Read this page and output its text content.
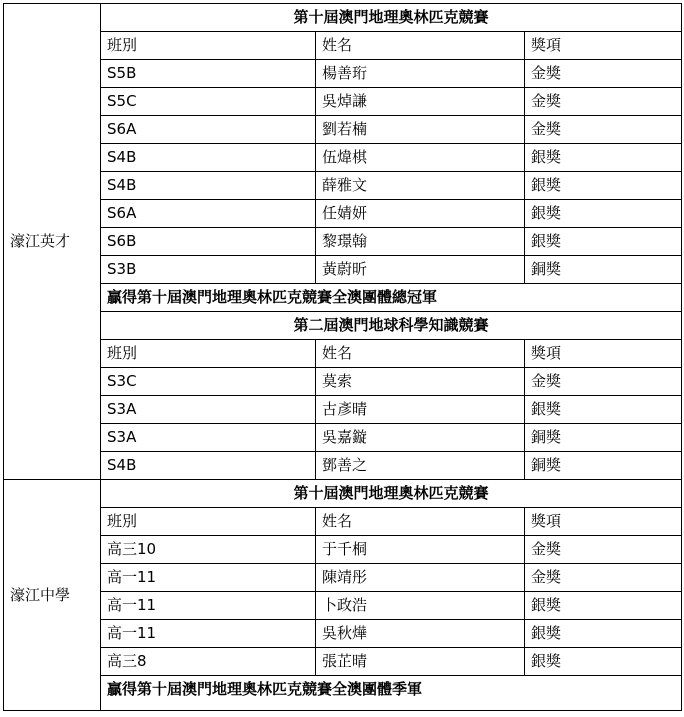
濠江英才	第十屆澳門地理奧林匹克競賽		
	班別	姓名	獎項
	S5B	楊善珩	金獎
	S5C	吳焯謙	金獎
	S6A	劉若楠	金獎
	S4B	伍煒棋	銀獎
	S4B	薛雅文	銀獎
	S6A	任婧妍	銀獎
	S6B	黎璟翰	銀獎
	S3B	黃蔚昕	銅獎
	贏得第十屆澳門地理奧林匹克競賽全澳團體總冠軍		
	第二屆澳門地球科學知識競賽		
	班別	姓名	獎項
	S3C	莫索	金獎
	S3A	古彥晴	銀獎
	S3A	吳嘉鏇	銅獎
	S4B	鄧善之	銅獎
濠江中學	第十屆澳門地理奧林匹克競賽		
	班別	姓名	獎項
	高三10	于千桐	金獎
	高一11	陳靖彤	金獎
	高一11	卜政浩	銀獎
	高一11	吳秋燁	銀獎
	高三8	張芷晴	銀獎
	贏得第十屆澳門地理奧林匹克競賽全澳團體季軍		
